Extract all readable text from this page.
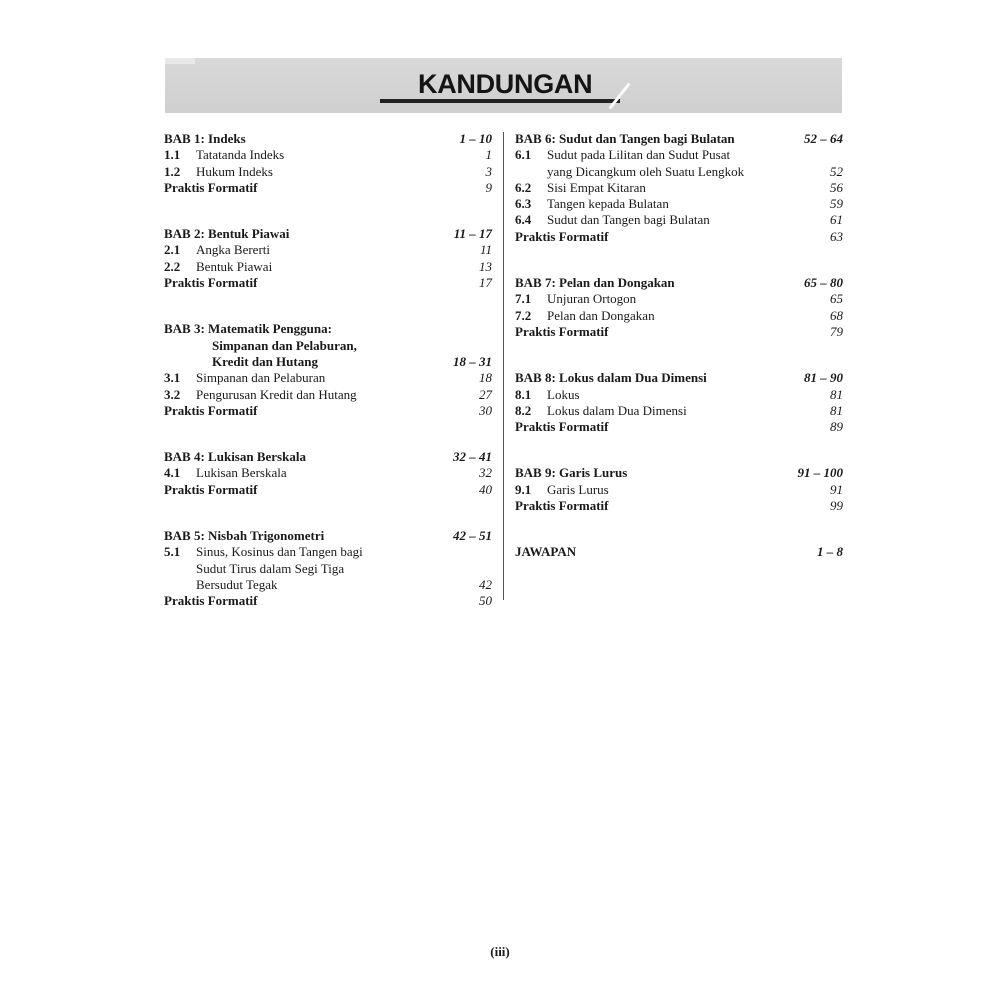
KANDUNGAN
BAB 1: Indeks	1 – 10
1.1	Tatatanda Indeks	1
1.2	Hukum Indeks	3
Praktis Formatif	9
BAB 2: Bentuk Piawai	11 – 17
2.1	Angka Bererti	11
2.2	Bentuk Piawai	13
Praktis Formatif	17
BAB 3: Matematik Pengguna:
Simpanan dan Pelaburan,
Kredit dan Hutang	18 – 31
3.1	Simpanan dan Pelaburan	18
3.2	Pengurusan Kredit dan Hutang	27
Praktis Formatif	30
BAB 4: Lukisan Berskala	32 – 41
4.1	Lukisan Berskala	32
Praktis Formatif	40
BAB 5: Nisbah Trigonometri	42 – 51
5.1	Sinus, Kosinus dan Tangen bagi
Sudut Tirus dalam Segi Tiga
Bersudut Tegak	42
Praktis Formatif	50
BAB 6: Sudut dan Tangen bagi Bulatan	52 – 64
6.1	Sudut pada Lilitan dan Sudut Pusat
yang Dicangkum oleh Suatu Lengkok	52
6.2	Sisi Empat Kitaran	56
6.3	Tangen kepada Bulatan	59
6.4	Sudut dan Tangen bagi Bulatan	61
Praktis Formatif	63
BAB 7: Pelan dan Dongakan	65 – 80
7.1	Unjuran Ortogon	65
7.2	Pelan dan Dongakan	68
Praktis Formatif	79
BAB 8: Lokus dalam Dua Dimensi	81 – 90
8.1	Lokus	81
8.2	Lokus dalam Dua Dimensi	81
Praktis Formatif	89
BAB 9: Garis Lurus	91 – 100
9.1	Garis Lurus	91
Praktis Formatif	99
JAWAPAN	1 – 8
(iii)
